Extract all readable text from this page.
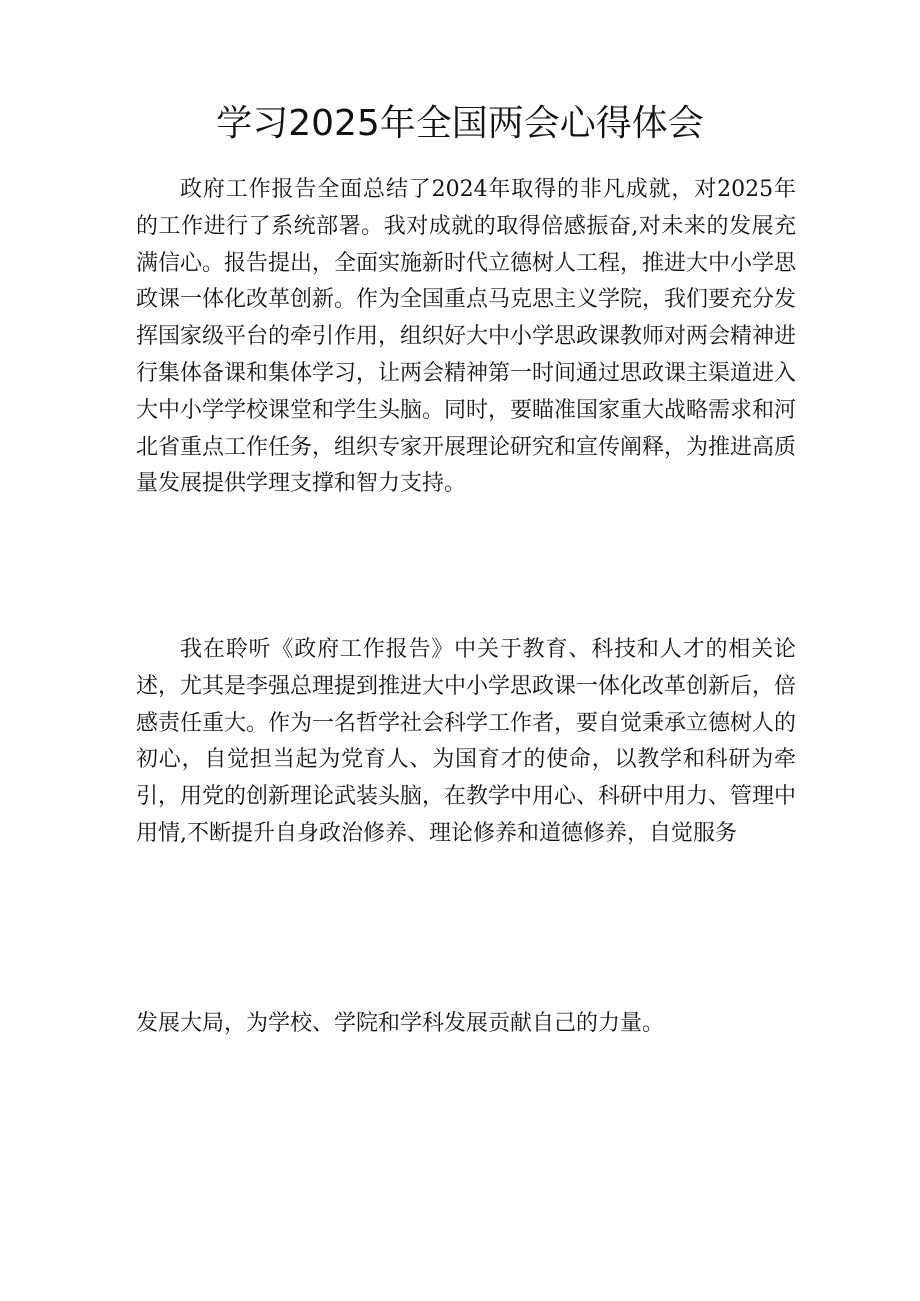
学习2025年全国两会心得体会

政府工作报告全面总结了2024年取得的非凡成就，对2025年的工作进行了系统部署。我对成就的取得倍感振奋,对未来的发展充满信心。报告提出，全面实施新时代立德树人工程，推进大中小学思政课一体化改革创新。作为全国重点马克思主义学院，我们要充分发挥国家级平台的牵引作用，组织好大中小学思政课教师对两会精神进行集体备课和集体学习，让两会精神第一时间通过思政课主渠道进入大中小学学校课堂和学生头脑。同时，要瞄准国家重大战略需求和河北省重点工作任务，组织专家开展理论研究和宣传阐释，为推进高质量发展提供学理支撑和智力支持。

我在聆听《政府工作报告》中关于教育、科技和人才的相关论述，尤其是李强总理提到推进大中小学思政课一体化改革创新后，倍感责任重大。作为一名哲学社会科学工作者，要自觉秉承立德树人的初心，自觉担当起为党育人、为国育才的使命，以教学和科研为牵引，用党的创新理论武装头脑，在教学中用心、科研中用力、管理中用情,不断提升自身政治修养、理论修养和道德修养，自觉服务

发展大局，为学校、学院和学科发展贡献自己的力量。
